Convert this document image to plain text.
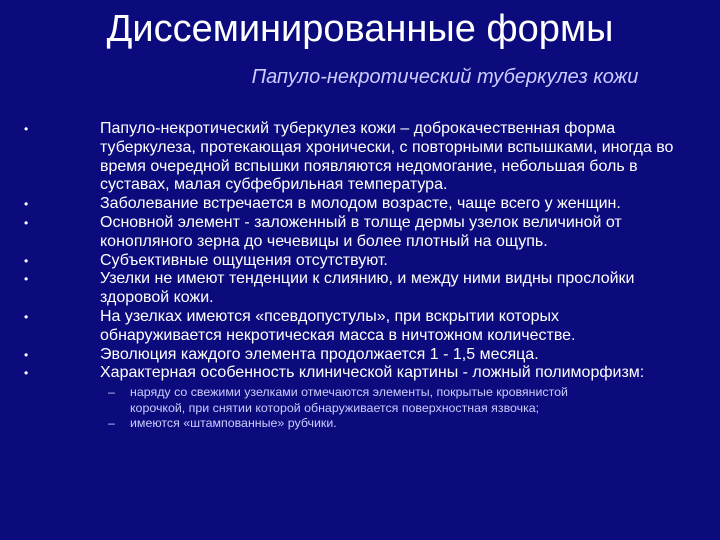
Диссеминированные формы
Папуло-некротический туберкулез кожи
•	Папуло-некротический туберкулез кожи – доброкачественная форма туберкулеза, протекающая хронически, с повторными вспышками, иногда во время очередной вспышки появляются недомогание, небольшая боль в суставах, малая субфебрильная температура.
•	Заболевание встречается в молодом возрасте, чаще всего у женщин.
•	Основной элемент - заложенный в толще дермы узелок величиной от конопляного зерна до чечевицы и более плотный на ощупь.
•	Субъективные ощущения отсутствуют.
•	Узелки не имеют тенденции к слиянию, и между ними видны прослойки здоровой кожи.
•	На узелках имеются «псевдопустулы», при вскрытии которых обнаруживается некротическая масса в ничтожном количестве.
•	Эволюция каждого элемента продолжается 1 - 1,5 месяца.
•	Характерная особенность клинической картины - ложный полиморфизм:
– наряду со свежими узелками отмечаются элементы, покрытые кровянистой корочкой, при снятии которой обнаруживается поверхностная язвочка;
– имеются «штампованные» рубчики.
